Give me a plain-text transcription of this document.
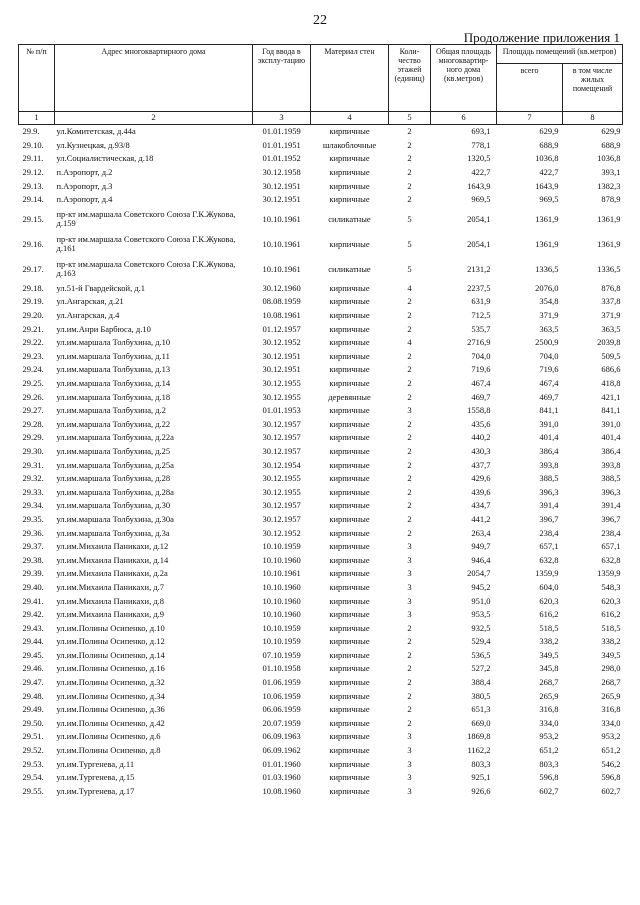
22
Продолжение приложения 1
№ п/п	Адрес многоквартирного дома	Год ввода в эксплу-тацию	Материал стен	Коли-чество этажей (единиц)	Общая площадь многоквартир-ного дома (кв.метров)	Площадь помещений (кв.метров)	
						всего	в том числе жилых помещений
1	2	3	4	5	6	7	8
29.9.	ул.Комитетская, д.44а	01.01.1959	кирпичные	2	693,1	629,9	629,9
29.10.	ул.Кузнецкая, д.93/8	01.01.1951	шлакоблочные	2	778,1	688,9	688,9
29.11.	ул.Социалистическая, д.18	01.01.1952	кирпичные	2	1320,5	1036,8	1036,8
29.12.	п.Аэропорт, д.2	30.12.1958	кирпичные	2	422,7	422,7	393,1
29.13.	п.Аэропорт, д.3	30.12.1951	кирпичные	2	1643,9	1643,9	1382,3
29.14.	п.Аэропорт, д.4	30.12.1951	кирпичные	2	969,5	969,5	878,9
29.15.	пр-кт им.маршала Советского Союза Г.К.Жукова, д.159	10.10.1961	силикатные	5	2054,1	1361,9	1361,9
29.16.	пр-кт им.маршала Советского Союза Г.К.Жукова, д.161	10.10.1961	кирпичные	5	2054,1	1361,9	1361,9
29.17.	пр-кт им.маршала Советского Союза Г.К.Жукова, д.163	10.10.1961	силикатные	5	2131,2	1336,5	1336,5
29.18.	ул.51-й Гвардейской, д.1	30.12.1960	кирпичные	4	2237,5	2076,0	876,8
29.19.	ул.Ангарская, д.21	08.08.1959	кирпичные	2	631,9	354,8	337,8
29.20.	ул.Ангарская, д.4	10.08.1961	кирпичные	2	712,5	371,9	371,9
29.21.	ул.им.Анри Барбюса, д.10	01.12.1957	кирпичные	2	535,7	363,5	363,5
29.22.	ул.им.маршала Толбухина, д.10	30.12.1952	кирпичные	4	2716,9	2500,9	2039,8
29.23.	ул.им.маршала Толбухина, д.11	30.12.1951	кирпичные	2	704,0	704,0	509,5
29.24.	ул.им.маршала Толбухина, д.13	30.12.1951	кирпичные	2	719,6	719,6	686,6
29.25.	ул.им.маршала Толбухина, д.14	30.12.1955	кирпичные	2	467,4	467,4	418,8
29.26.	ул.им.маршала Толбухина, д.18	30.12.1955	деревянные	2	469,7	469,7	421,1
29.27.	ул.им.маршала Толбухина, д.2	01.01.1953	кирпичные	3	1558,8	841,1	841,1
29.28.	ул.им.маршала Толбухина, д.22	30.12.1957	кирпичные	2	435,6	391,0	391,0
29.29.	ул.им.маршала Толбухина, д.22а	30.12.1957	кирпичные	2	440,2	401,4	401,4
29.30.	ул.им.маршала Толбухина, д.25	30.12.1957	кирпичные	2	430,3	386,4	386,4
29.31.	ул.им.маршала Толбухина, д.25а	30.12.1954	кирпичные	2	437,7	393,8	393,8
29.32.	ул.им.маршала Толбухина, д.28	30.12.1955	кирпичные	2	429,6	388,5	388,5
29.33.	ул.им.маршала Толбухина, д.28а	30.12.1955	кирпичные	2	439,6	396,3	396,3
29.34.	ул.им.маршала Толбухина, д.30	30.12.1957	кирпичные	2	434,7	391,4	391,4
29.35.	ул.им.маршала Толбухина, д.30а	30.12.1957	кирпичные	2	441,2	396,7	396,7
29.36.	ул.им.маршала Толбухина, д.3а	30.12.1952	кирпичные	2	263,4	238,4	238,4
29.37.	ул.им.Михаила Паникахи, д.12	10.10.1959	кирпичные	3	949,7	657,1	657,1
29.38.	ул.им.Михаила Паникахи, д.14	10.10.1960	кирпичные	3	946,4	632,8	632,8
29.39.	ул.им.Михаила Паникахи, д.2а	10.10.1961	кирпичные	3	2054,7	1359,9	1359,9
29.40.	ул.им.Михаила Паникахи, д.7	10.10.1960	кирпичные	3	945,2	604,0	548,3
29.41.	ул.им.Михаила Паникахи, д.8	10.10.1960	кирпичные	3	951,0	620,3	620,3
29.42.	ул.им.Михаила Паникахи, д.9	10.10.1960	кирпичные	3	953,5	616,2	616,2
29.43.	ул.им.Полины Осипенко, д.10	10.10.1959	кирпичные	2	932,5	518,5	518,5
29.44.	ул.им.Полины Осипенко, д.12	10.10.1959	кирпичные	2	529,4	338,2	338,2
29.45.	ул.им.Полины Осипенко, д.14	07.10.1959	кирпичные	2	536,5	349,5	349,5
29.46.	ул.им.Полины Осипенко, д.16	01.10.1958	кирпичные	2	527,2	345,8	298,0
29.47.	ул.им.Полины Осипенко, д.32	01.06.1959	кирпичные	2	388,4	268,7	268,7
29.48.	ул.им.Полины Осипенко, д.34	10.06.1959	кирпичные	2	380,5	265,9	265,9
29.49.	ул.им.Полины Осипенко, д.36	06.06.1959	кирпичные	2	651,3	316,8	316,8
29.50.	ул.им.Полины Осипенко, д.42	20.07.1959	кирпичные	2	669,0	334,0	334,0
29.51.	ул.им.Полины Осипенко, д.6	06.09.1963	кирпичные	3	1869,8	953,2	953,2
29.52.	ул.им.Полины Осипенко, д.8	06.09.1962	кирпичные	3	1162,2	651,2	651,2
29.53.	ул.им.Тургенева, д.11	01.01.1960	кирпичные	3	803,3	803,3	546,2
29.54.	ул.им.Тургенева, д.15	01.03.1960	кирпичные	3	925,1	596,8	596,8
29.55.	ул.им.Тургенева, д.17	10.08.1960	кирпичные	3	926,6	602,7	602,7
